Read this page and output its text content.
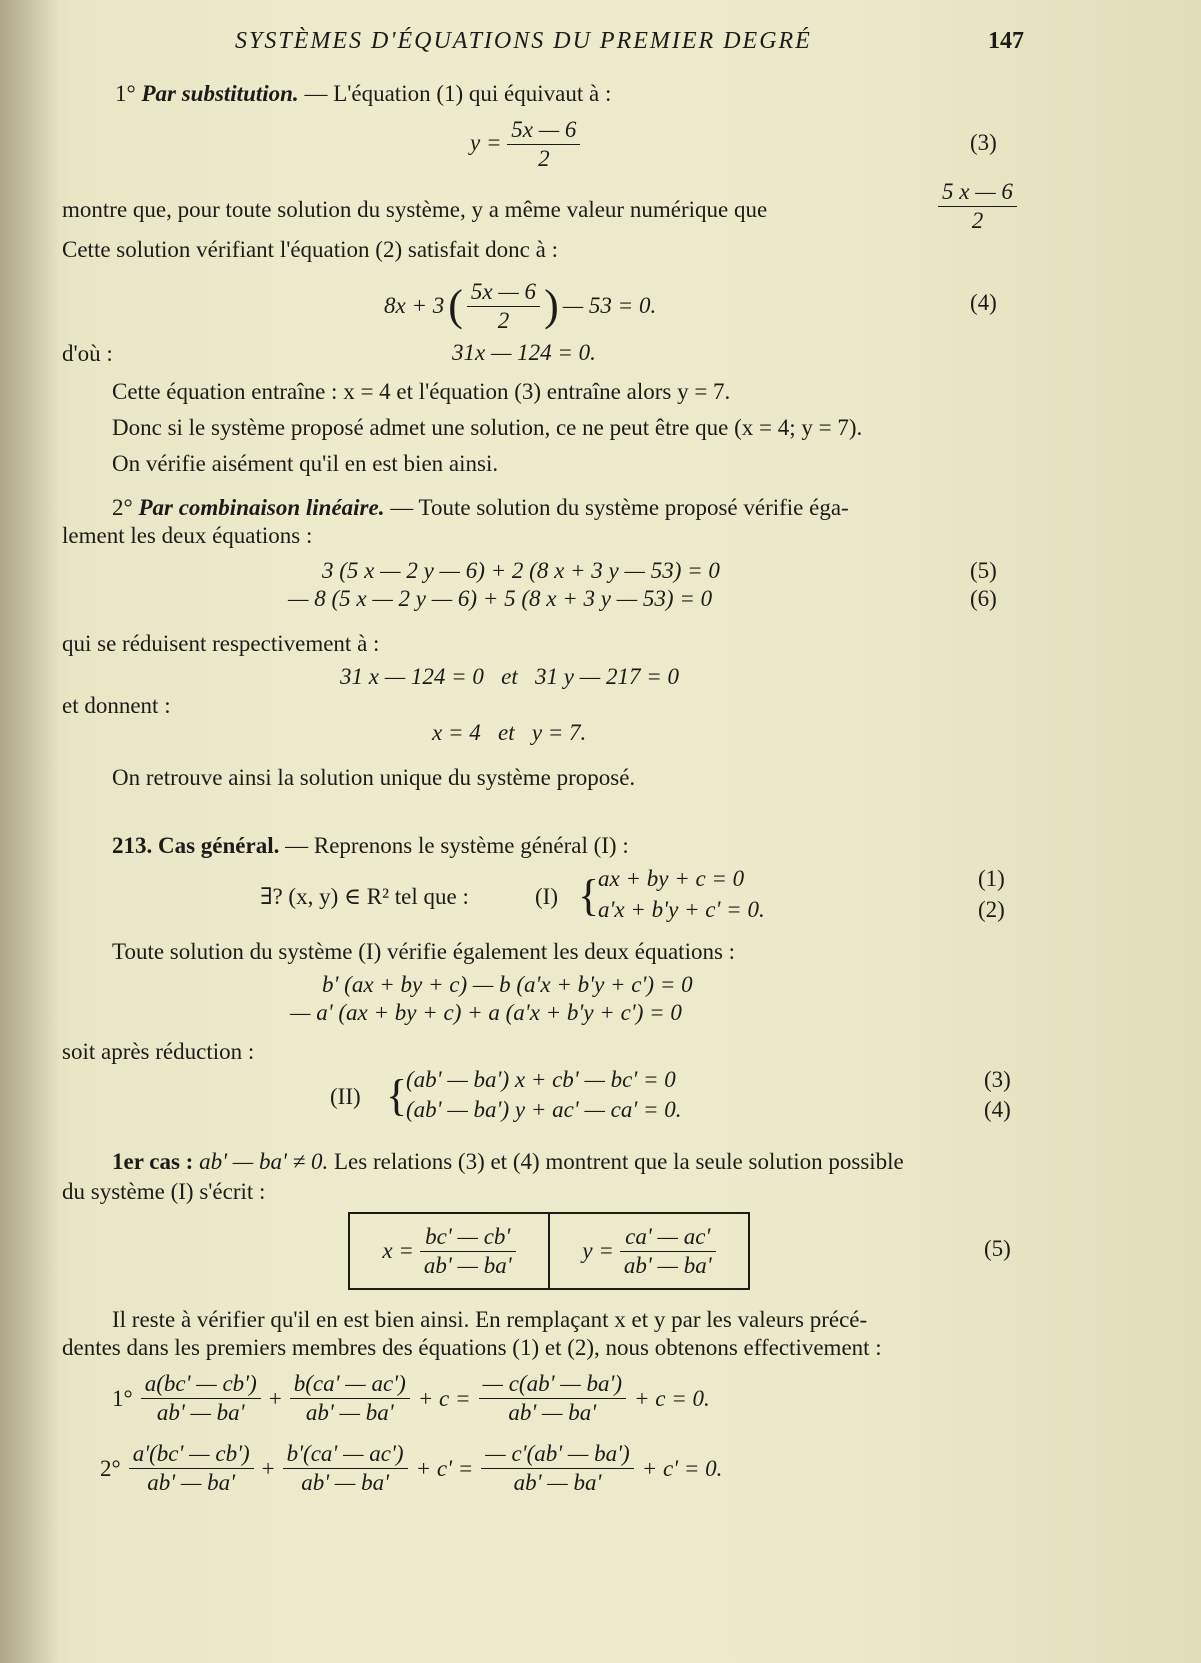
SYSTÈMES D'ÉQUATIONS DU PREMIER DEGRÉ	147
1° Par substitution. — L'équation (1) qui équivaut à :
$y = \frac{5x — 6}{2}$	(3)
montre que, pour toute solution du système, y a même valeur numérique que	$\frac{5 x — 6}{2}$
Cette solution vérifiant l'équation (2) satisfait donc à :
8x + 3 ( $\frac{5x — 6}{2}$ ) — 53 = 0.	(4)
d'où :	31x — 124 = 0.
Cette équation entraîne : x = 4 et l'équation (3) entraîne alors y = 7.
Donc si le système proposé admet une solution, ce ne peut être que (x = 4; y = 7).
On vérifie aisément qu'il en est bien ainsi.
2° Par combinaison linéaire. — Toute solution du système proposé vérifie éga-
lement les deux équations :
3 (5 x — 2 y — 6) + 2 (8 x + 3 y — 53) = 0	(5)
— 8 (5 x — 2 y — 6) + 5 (8 x + 3 y — 53) = 0	(6)
qui se réduisent respectivement à :
31 x — 124 = 0   et   31 y — 217 = 0
et donnent :
x = 4   et   y = 7.
On retrouve ainsi la solution unique du système proposé.
213. Cas général. — Reprenons le système général (I) :
∃? (x, y) ∈ R² tel que :	(I) {
ax + by + c = 0	(1)
a'x + b'y + c' = 0.	(2)
Toute solution du système (I) vérifie également les deux équations :
b' (ax + by + c) — b (a'x + b'y + c') = 0
— a' (ax + by + c) + a (a'x + b'y + c') = 0
soit après réduction :
(II) {
(ab' — ba') x + cb' — bc' = 0	(3)
(ab' — ba') y + ac' — ca' = 0.	(4)
1er cas : ab' — ba' ≠ 0. Les relations (3) et (4) montrent que la seule solution possible
du système (I) s'écrit :
$x = \frac{bc' — cb'}{ab' — ba'}$	$y = \frac{ca' — ac'}{ab' — ba'}$	(5)
Il reste à vérifier qu'il en est bien ainsi. En remplaçant x et y par les valeurs précé-
dentes dans les premiers membres des équations (1) et (2), nous obtenons effectivement :
$1^\circ \frac{a(bc' — cb')}{ab' — ba'} + \frac{b(ca' — ac')}{ab' — ba'} + c = \frac{— c(ab' — ba')}{ab' — ba'} + c = 0$.
$2^\circ \frac{a'(bc' — cb')}{ab' — ba'} + \frac{b'(ca' — ac')}{ab' — ba'} + c' = \frac{— c'(ab' — ba')}{ab' — ba'} + c' = 0$.
